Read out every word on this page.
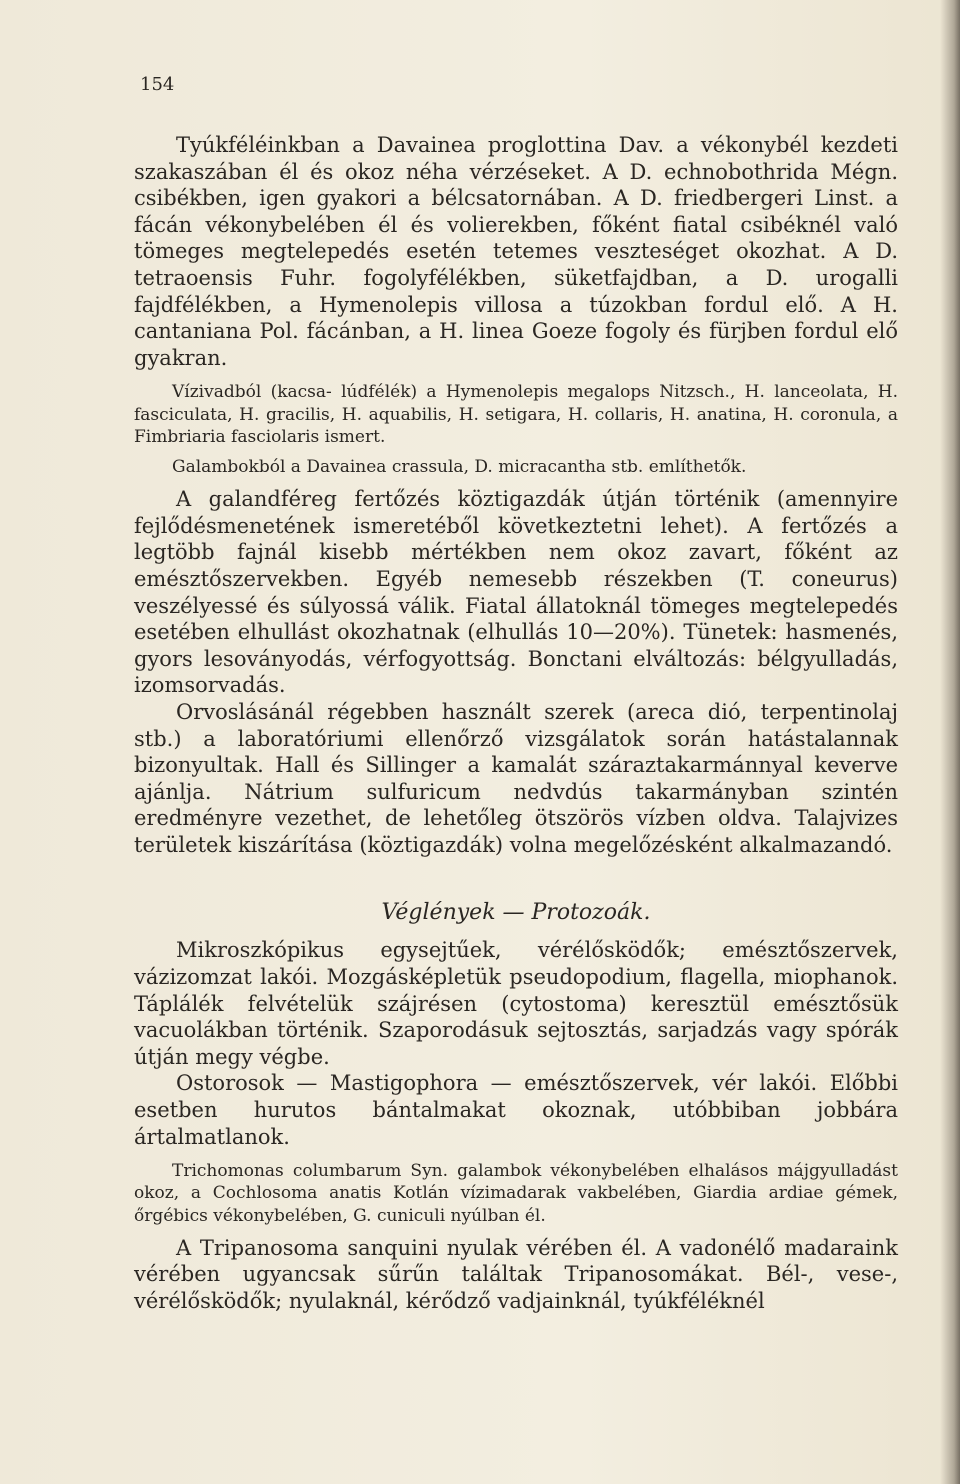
154

Tyúkféléinkban a Davainea proglottina Dav. a vékonybél kezdeti szakaszában él és okoz néha vérzéseket. A D. echnobothrida Mégn. csibékben, igen gyakori a bélcsatornában. A D. friedbergeri Linst. a fácán vékonybelében él és volierekben, főként fiatal csibéknél való tömeges megtelepedés esetén tetemes veszteséget okozhat. A D. tetraoensis Fuhr. fogolyfélékben, süketfajdban, a D. urogalli fajdfélékben, a Hymenolepis villosa a túzokban fordul elő. A H. cantaniana Pol. fácánban, a H. linea Goeze fogoly és fürjben fordul elő gyakran.

Vízivadból (kacsa- lúdfélék) a Hymenolepis megalops Nitzsch., H. lanceolata, H. fasciculata, H. gracilis, H. aquabilis, H. setigara, H. collaris, H. anatina, H. coronula, a Fimbriaria fasciolaris ismert.

Galambokból a Davainea crassula, D. micracantha stb. említhetők.

A galandféreg fertőzés köztigazdák útján történik (amennyire fejlődésmenetének ismeretéből következtetni lehet). A fertőzés a legtöbb fajnál kisebb mértékben nem okoz zavart, főként az emésztőszervekben. Egyéb nemesebb részekben (T. coneurus) veszélyessé és súlyossá válik. Fiatal állatoknál tömeges megtelepedés esetében elhullást okozhatnak (elhullás 10—20%). Tünetek: hasmenés, gyors lesoványodás, vérfogyottság. Bonctani elváltozás: bélgyulladás, izomsorvadás.

Orvoslásánál régebben használt szerek (areca dió, terpentinolaj stb.) a laboratóriumi ellenőrző vizsgálatok során hatástalannak bizonyultak. Hall és Sillinger a kamalát száraztakarmánnyal keverve ajánlja. Nátrium sulfuricum nedvdús takarmányban szintén eredményre vezethet, de lehetőleg ötszörös vízben oldva. Talajvizes területek kiszárítása (köztigazdák) volna megelőzésként alkalmazandó.

Véglények — Protozoák.

Mikroszkópikus egysejtűek, vérélősködők; emésztőszervek, vázizomzat lakói. Mozgásképletük pseudopodium, flagella, miophanok. Táplálék felvételük szájrésen (cytostoma) keresztül emésztősük vacuolákban történik. Szaporodásuk sejtosztás, sarjadzás vagy spórák útján megy végbe.

Ostorosok — Mastigophora — emésztőszervek, vér lakói. Előbbi esetben hurutos bántalmakat okoznak, utóbbiban jobbára ártalmatlanok.

Trichomonas columbarum Syn. galambok vékonybelében elhalásos májgyulladást okoz, a Cochlosoma anatis Kotlán vízimadarak vakbelében, Giardia ardiae gémek, őrgébics vékonybelében, G. cuniculi nyúlban él.

A Tripanosoma sanquini nyulak vérében él. A vadonélő madaraink vérében ugyancsak sűrűn találtak Tripanosomákat. Bél-, vese-, vérélősködők; nyulaknál, kérődző vadjainknál, tyúkféléknél
